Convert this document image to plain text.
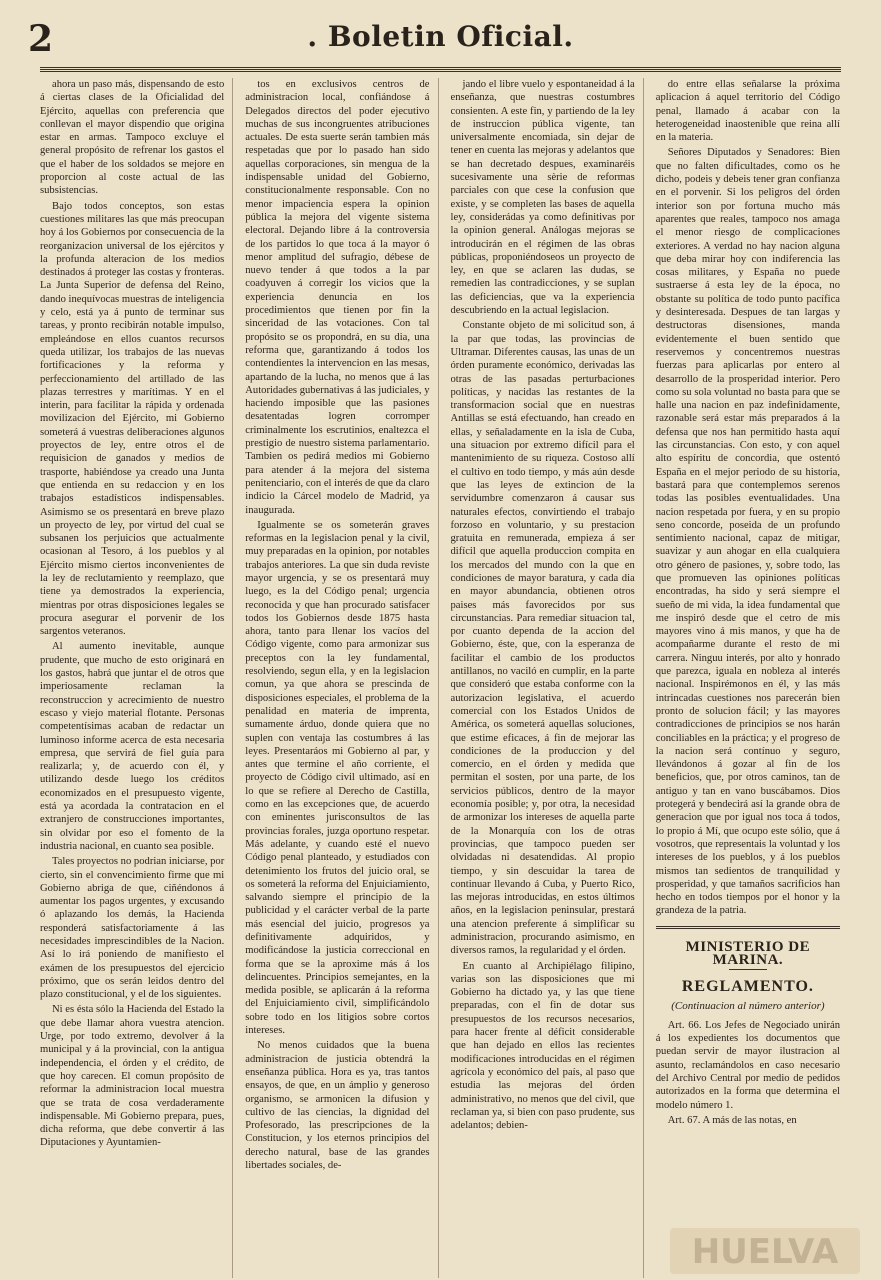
2	. Boletin Oficial.

ahora un paso más, dispensando de esto á ciertas clases de la Oficialidad del Ejército, aquellas con preferencia que conllevan el mayor dispendio que origina estar en armas. Tampoco excluye el general propósito de refrenar los gastos el que el haber de los soldados se mejore en proporcion al coste actual de las subsistencias.

Bajo todos conceptos, son estas cuestiones militares las que más preocupan hoy á los Gobiernos por consecuencia de la reorganizacion universal de los ejércitos y la profunda alteracion de los medios destinados á proteger las costas y fronteras. La Junta Superior de defensa del Reino, dando inequívocas muestras de inteligencia y celo, está ya á punto de terminar sus tareas, y pronto recibirán notable impulso, empleándose en ellos cuantos recursos queda utilizar, los trabajos de las nuevas fortificaciones y la reforma y perfeccionamiento del artillado de las plazas terrestres y marítimas. Y en el interin, para facilitar la rápida y ordenada movilizacion del Ejército, mi Gobierno someterá á vuestras deliberaciones algunos proyectos de ley, entre otros el de requisicion de ganados y medios de trasporte, habiéndose ya creado una Junta que entienda en su redaccion y en los trabajos estadísticos indispensables. Asimismo se os presentará en breve plazo un proyecto de ley, por virtud del cual se subsanen los perjuicios que actualmente ocasionan al Tesoro, á los pueblos y al Ejército mismo ciertos inconvenientes de la ley de reclutamiento y reemplazo, que tiene ya demostrados la experiencia, mientras por otras disposiciones legales se procura asegurar el porvenir de los sargentos veteranos.

Al aumento inevitable, aunque prudente, que mucho de esto originará en los gastos, habrá que juntar el de otros que imperiosamente reclaman la reconstruccion y acrecimiento de nuestro escaso y viejo material flotante. Personas competentísimas acaban de redactar un luminoso informe acerca de esta necesaria empresa, que servirá de fiel guía para realizarla; y, de acuerdo con él, y utilizando desde luego los créditos economizados en el presupuesto vigente, está ya acordada la contratacion en el extranjero de construcciones importantes, sin olvidar por eso el fomento de la industria nacional, en cuanto sea posible.

Tales proyectos no podrian iniciarse, por cierto, sin el convencimiento firme que mi Gobierno abriga de que, ciñéndonos á aumentar los pagos urgentes, y excusando ó aplazando los demás, la Hacienda responderá satisfactoriamente á las necesidades imprescindibles de la Nacion. Así lo irá poniendo de manifiesto el exámen de los presupuestos del ejercicio próximo, que os serán leidos dentro del plazo constitucional, y el de los siguientes.

Ni es ésta sólo la Hacienda del Estado la que debe llamar ahora vuestra atencion. Urge, por todo extremo, devolver á la municipal y á la provincial, con la antigua independencia, el órden y el crédito, de que hoy carecen. El comun propósito de reformar la administracion local muestra que se trata de cosa verdaderamente indispensable. Mi Gobierno prepara, pues, dicha reforma, que debe convertir á las Diputaciones y Ayuntamien-

tos en exclusivos centros de administracion local, confiándose á Delegados directos del poder ejecutivo muchas de sus incongruentes atribuciones actuales. De esta suerte serán tambien más respetadas que por lo pasado han sido aquellas corporaciones, sin mengua de la indispensable unidad del Gobierno, constitucionalmente responsable. Con no menor impaciencia espera la opinion pública la mejora del vigente sistema electoral. Dejando libre á la controversia de los partidos lo que toca á la mayor ó menor amplitud del sufragio, débese de nuevo tender á que todos a la par coadyuven á corregir los vicios que la experiencia denuncia en los procedimientos que tienen por fin la sinceridad de las votaciones. Con tal propósito se os propondrá, en su dia, una reforma que, garantizando á todos los contendientes la intervencion en las mesas, apartando de la lucha, no menos que á las Autoridades gubernativas á las judiciales, y haciendo imposible que las pasiones desatentadas logren corromper criminalmente los escrutinios, enaltezca el prestigio de nuestro sistema parlamentario. Tambien os pedirá medios mi Gobierno para atender á la mejora del sistema penitenciario, con el interés de que da claro indicio la Cárcel modelo de Madrid, ya inaugurada.

Igualmente se os someterán graves reformas en la legislacion penal y la civil, muy preparadas en la opinion, por notables trabajos anteriores. La que sin duda reviste mayor urgencia, y se os presentará muy luego, es la del Código penal; urgencia reconocida y que han procurado satisfacer todos los Gobiernos desde 1875 hasta ahora, tanto para llenar los vacíos del Código vigente, como para armonizar sus preceptos con la ley fundamental, resolviendo, segun ella, y en la legislacion comun, ya que ahora se prescinda de disposiciones especiales, el problema de la penalidad en materia de imprenta, sumamente árduo, donde quiera que no suplen con ventaja las costumbres á las leyes. Presentaráos mi Gobierno al par, y antes que termine el año corriente, el proyecto de Código civil ultimado, así en lo que se refiere al Derecho de Castilla, como en las excepciones que, de acuerdo con eminentes jurisconsultos de las provincias forales, juzga oportuno respetar. Más adelante, y cuando esté el nuevo Código penal planteado, y estudiados con detenimiento los frutos del juicio oral, se os someterá la reforma del Enjuiciamiento, salvando siempre el principio de la publicidad y el carácter verbal de la parte más esencial del juicio, progresos ya definitivamente adquiridos, y modificándose la justicia correccional en forma que se la aproxime más á los delincuentes. Principios semejantes, en la medida posible, se aplicarán á la reforma del Enjuiciamiento civil, simplificándolo sobre todo en los litigios sobre cortos intereses.

No menos cuidados que la buena administracion de justicia obtendrá la enseñanza pública. Hora es ya, tras tantos ensayos, de que, en un ámplio y generoso organismo, se armonicen la difusion y cultivo de las ciencias, la dignidad del Profesorado, las prescripciones de la Constitucion, y los eternos principios del derecho natural, base de las grandes libertades sociales, de-

jando el libre vuelo y espontaneidad á la enseñanza, que nuestras costumbres consienten. A este fin, y partiendo de la ley de instruccion pública vigente, tan universalmente encomiada, sin dejar de tener en cuenta las mejoras y adelantos que se han decretado despues, examinaréis sucesivamente una sèrie de reformas parciales con que cese la confusion que existe, y se completen las bases de aquella ley, considerádas ya como definitivas por la opinion general. Análogas mejoras se introducirán en el régimen de las obras públicas, proponiéndoseos un proyecto de ley, en que se aclaren las dudas, se remedien las contradicciones, y se suplan las deficiencias, que va la experiencia descubriendo en la actual legislacion.

Constante objeto de mi solicitud son, á la par que todas, las provincias de Ultramar. Diferentes causas, las unas de un órden puramente económico, derivadas las otras de las pasadas perturbaciones políticas, y nacidas las restantes de la transformacion social que en nuestras Antillas se está efectuando, han creado en ellas, y señaladamente en la isla de Cuba, una situacion por extremo difícil para el mantenimiento de su riqueza. Costoso allí el cultivo en todo tiempo, y más aún desde que las leyes de extincion de la servidumbre comenzaron á causar sus naturales efectos, convirtiendo el trabajo forzoso en voluntario, y su prestacion gratuita en remunerada, empieza á ser difícil que aquella produccion compita en los mercados del mundo con la que en condiciones de mayor baratura, y cada dia en mayor abundancia, obtienen otros paises más favorecidos por sus circunstancias. Para remediar situacion tal, por cuanto dependa de la accion del Gobierno, éste, que, con la esperanza de facilitar el cambio de los productos antillanos, no vaciló en cumplir, en la parte que consideró que estaba conforme con la autorizacion legislativa, el acuerdo comercial con los Estados Unidos de América, os someterá aquellas soluciones, que estime eficaces, á fin de mejorar las condiciones de la produccion y del comercio, en el órden y medida que permitan el sosten, por una parte, de los servicios públicos, dentro de la mayor economía posible; y, por otra, la necesidad de armonizar los intereses de aquella parte de la Monarquía con los de otras provincias, que tampoco pueden ser olvidadas ni desatendidas. Al propio tiempo, y sin descuidar la tarea de continuar llevando á Cuba, y Puerto Rico, las mejoras introducidas, en estos últimos años, en la legislacion peninsular, prestará una atencion preferente á simplificar su administracion, procurando asimismo, en diversos ramos, la regularidad y el órden.

En cuanto al Archipiélago filipino, varias son las disposiciones que mi Gobierno ha dictado ya, y las que tiene preparadas, con el fin de dotar sus presupuestos de los recursos necesarios, para hacer frente al déficit considerable que han dejado en ellos las recientes modificaciones introducidas en el régimen agrícola y económico del país, al paso que estudia las mejoras del órden administrativo, no menos que del civil, que reclaman ya, si bien con paso prudente, sus adelantos; debien-

do entre ellas señalarse la próxima aplicacion á aquel territorio del Código penal, llamado á acabar con la heterogeneidad inaostenible que reina allí en la materia.

Señores Diputados y Senadores: Bien que no falten dificultades, como os he dicho, podeis y debeis tener gran confianza en el porvenir. Si los peligros del órden interior son por fortuna mucho más aparentes que reales, tampoco nos amaga el menor riesgo de complicaciones exteriores. A verdad no hay nacion alguna que deba mirar hoy con indiferencia las cosas militares, y España no puede sustraerse á esta ley de la época, no obstante su política de todo punto pacífica y desinteresada. Despues de tan largas y destructoras disensiones, manda evidentemente el buen sentido que reservemos y concentremos nuestras fuerzas para aplicarlas por entero al desarrollo de la prosperidad interior. Pero como su sola voluntad no basta para que se halle una nacion en paz indefinidamente, razonable será estar más preparados á la defensa que nos han permitido hasta aquí las circunstancias. Con esto, y con aquel alto espíritu de concordia, que ostentó España en el mejor periodo de su historia, bastará para que contemplemos serenos todas las posibles eventualidades. Una nacion respetada por fuera, y en su propio seno concorde, poseida de un profundo sentimiento nacional, capaz de mitigar, suavizar y aun ahogar en ella cualquiera otro género de pasiones, y, sobre todo, las que promueven las opiniones políticas encontradas, ha sido y será siempre el sueño de mi vida, la idea fundamental que me inspiró desde que el cetro de mis mayores vino á mis manos, y que ha de acompañarme durante el resto de mi carrera. Ninguu interés, por alto y honrado que parezca, iguala en nobleza al interés nacional. Inspirémonos en él, y las más intrincadas cuestiones nos parecerán bien pronto de solucion fácil; y las mayores contradicciones de principios se nos harán conciliables en la práctica; y el progreso de la nacion será contínuo y seguro, llevándonos á gozar al fin de los beneficios, que, por otros caminos, tan de antiguo y tan en vano buscábamos. Dios protegerá y bendecirá así la grande obra de generacion que por igual nos toca á todos, lo propio á Mí, que ocupo este sólio, que á vosotros, que representais la voluntad y los intereses de los pueblos, y á los pueblos mismos tan sedientos de tranquilidad y prosperidad, y que tamaños sacrificios han hecho en todos tiempos por el honor y la grandeza de la patria.

MINISTERIO DE MARINA.
REGLAMENTO.
(Continuacion al número anterior)

Art. 66. Los Jefes de Negociado unirán á los expedientes los documentos que puedan servir de mayor ilustracion al asunto, reclamándolos en caso necesario del Archivo Central por medio de pedidos autorizados en la forma que determina el modelo número 1.

Art. 67. A más de las notas, en

HUELVA
